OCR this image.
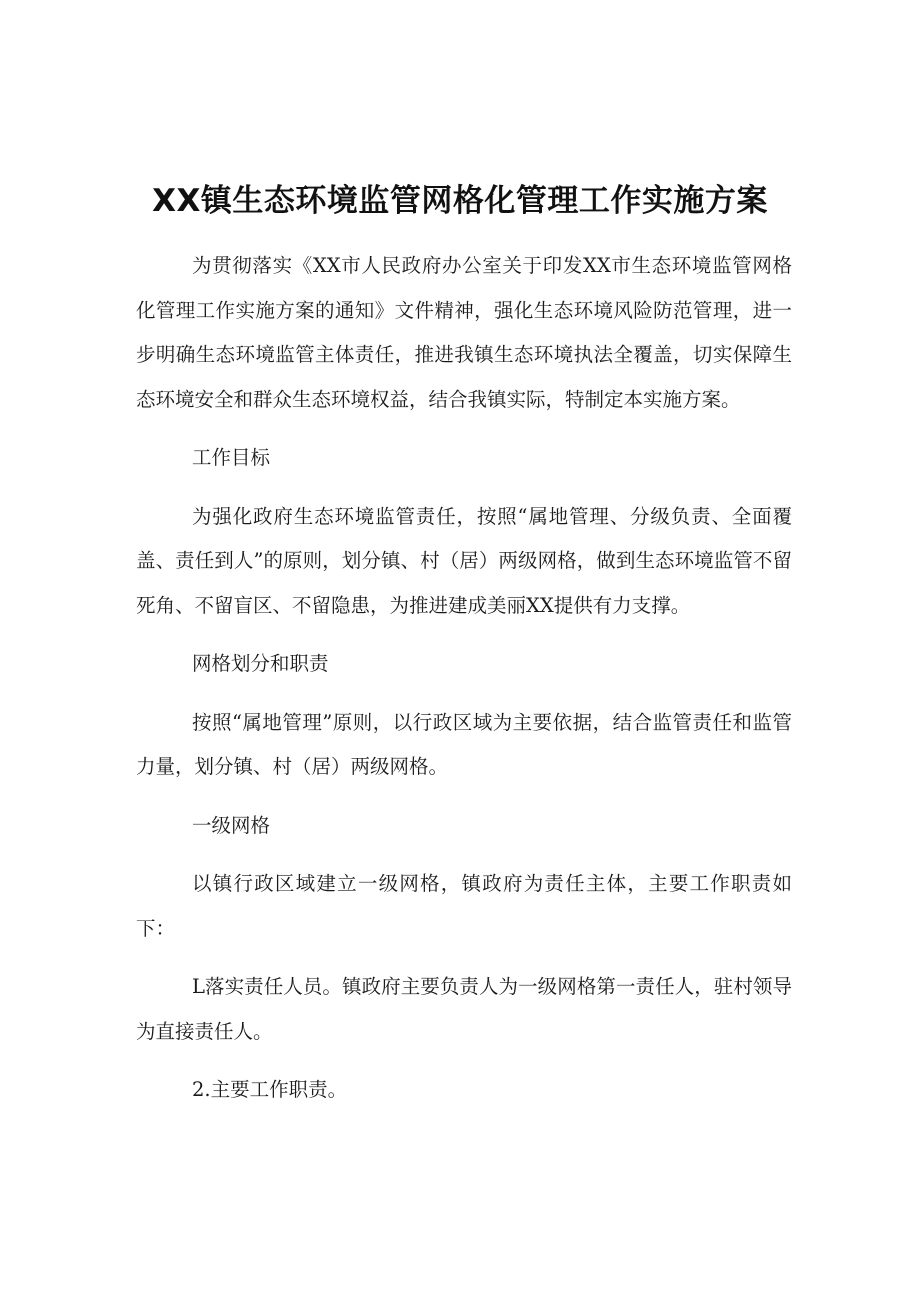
XX镇生态环境监管网格化管理工作实施方案

为贯彻落实《XX市人民政府办公室关于印发XX市生态环境监管网格化管理工作实施方案的通知》文件精神，强化生态环境风险防范管理，进一步明确生态环境监管主体责任，推进我镇生态环境执法全覆盖，切实保障生态环境安全和群众生态环境权益，结合我镇实际，特制定本实施方案。

工作目标

为强化政府生态环境监管责任，按照“属地管理、分级负责、全面覆盖、责任到人”的原则，划分镇、村（居）两级网格，做到生态环境监管不留死角、不留盲区、不留隐患，为推进建成美丽XX提供有力支撑。

网格划分和职责

按照“属地管理”原则，以行政区域为主要依据，结合监管责任和监管力量，划分镇、村（居）两级网格。

一级网格

以镇行政区域建立一级网格，镇政府为责任主体，主要工作职责如下：

L落实责任人员。镇政府主要负责人为一级网格第一责任人，驻村领导为直接责任人。

2.主要工作职责。
